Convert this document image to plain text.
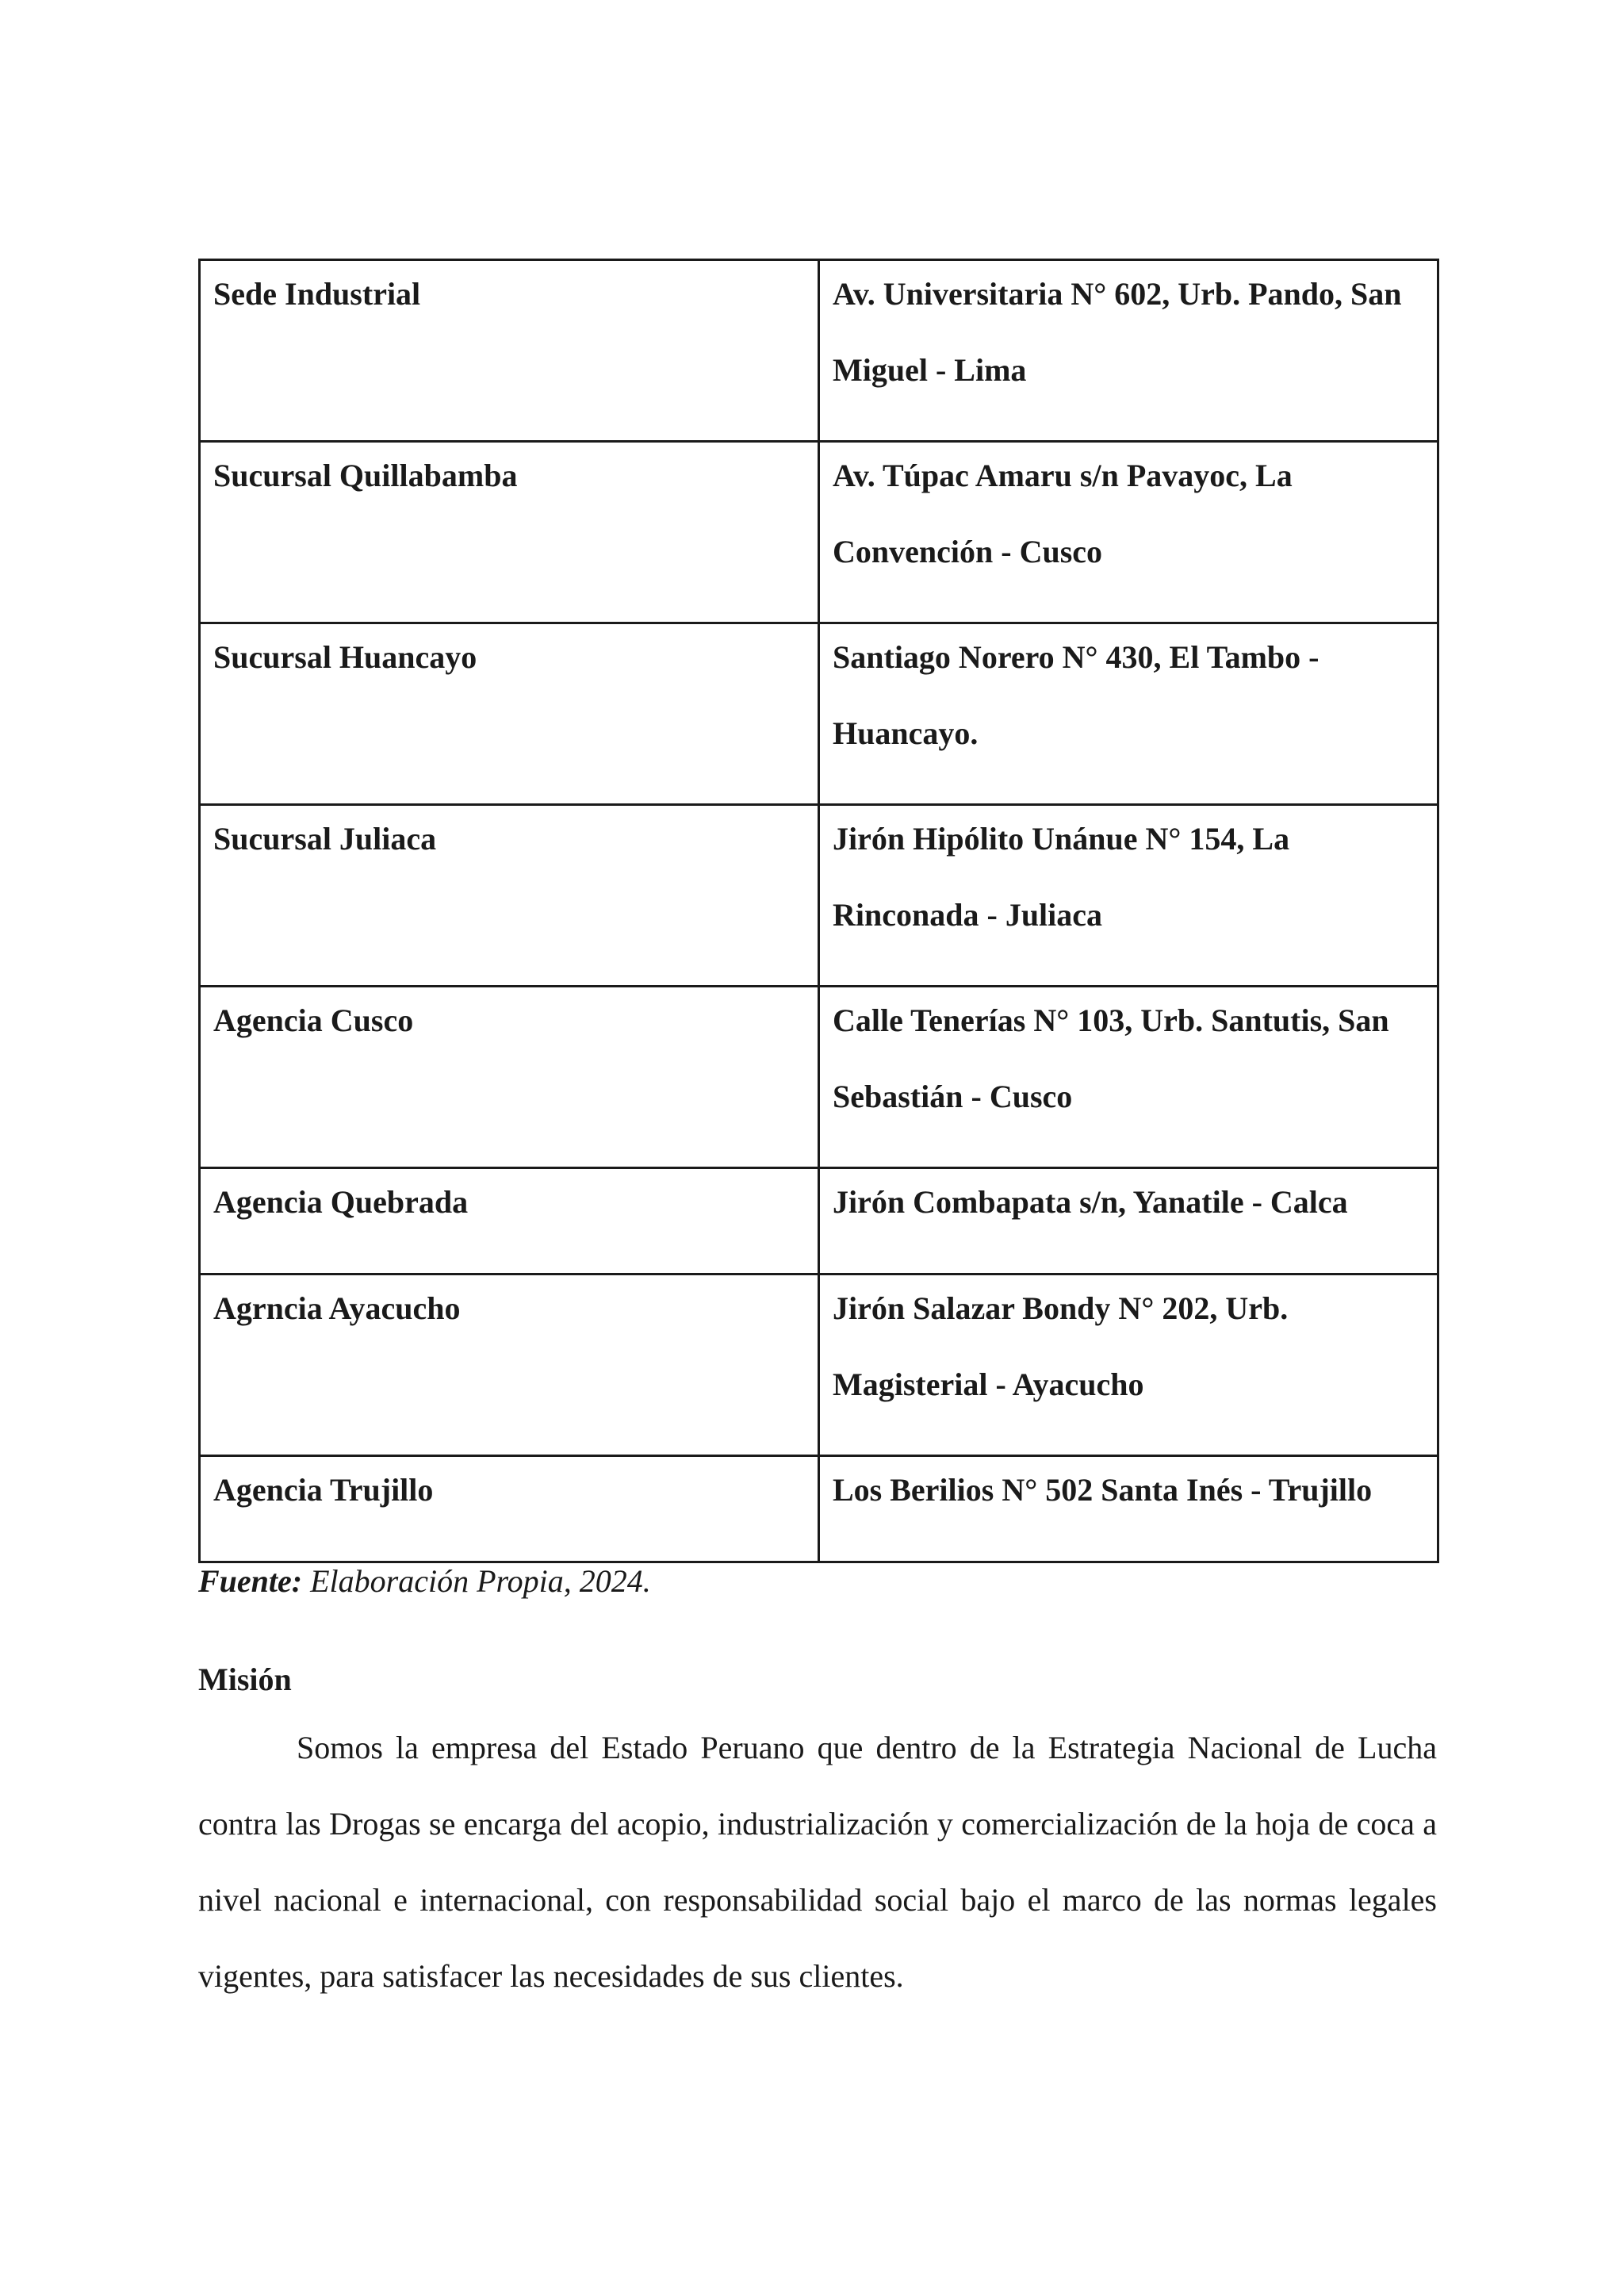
Sede Industrial	Av. Universitaria N° 602, Urb. Pando, San Miguel - Lima

Sucursal Quillabamba	Av. Túpac Amaru s/n Pavayoc, La Convención - Cusco

Sucursal Huancayo	Santiago Norero N° 430, El Tambo - Huancayo.

Sucursal Juliaca	Jirón Hipólito Unánue N° 154, La Rinconada - Juliaca

Agencia Cusco	Calle Tenerías N° 103, Urb. Santutis, San Sebastián - Cusco

Agencia Quebrada	Jirón Combapata s/n, Yanatile - Calca

Agrncia Ayacucho	Jirón Salazar Bondy N° 202, Urb. Magisterial - Ayacucho

Agencia Trujillo	Los Berilios N° 502 Santa Inés - Trujillo
Fuente: Elaboración Propia, 2024.
Misión

Somos la empresa del Estado Peruano que dentro de la Estrategia Nacional de Lucha contra las Drogas se encarga del acopio, industrialización y comercialización de la hoja de coca a nivel nacional e internacional, con responsabilidad social bajo el marco de las normas legales vigentes, para satisfacer las necesidades de sus clientes.
